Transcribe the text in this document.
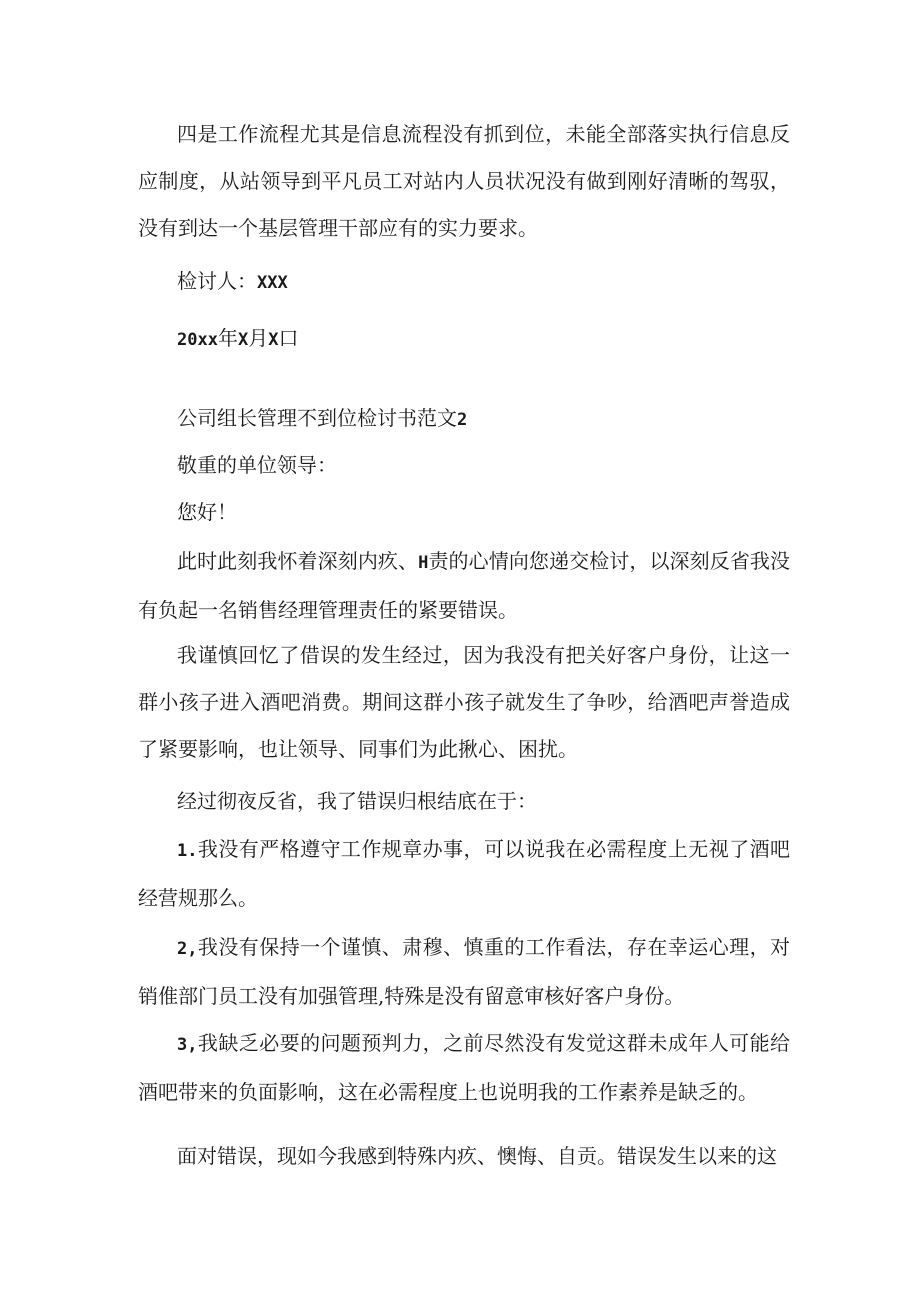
四是工作流程尤其是信息流程没有抓到位，未能全部落实执行信息反应制度，从站领导到平凡员工对站内人员状况没有做到刚好清晰的驾驭，没有到达一个基层管理干部应有的实力要求。

检讨人：XXX

20xx年X月X口

公司组长管理不到位检讨书范文2

敬重的单位领导：

您好！

此时此刻我怀着深刻内疚、H责的心情向您递交检讨，以深刻反省我没有负起一名销售经理管理责任的紧要错误。

我谨慎回忆了借误的发生经过，因为我没有把关好客户身份，让这一群小孩子进入酒吧消费。期间这群小孩子就发生了争吵，给酒吧声誉造成了紧要影响，也让领导、同事们为此揪心、困扰。

经过彻夜反省，我了错误归根结底在于：

1.我没有严格遵守工作规章办事，可以说我在必需程度上无视了酒吧经营规那么。

2,我没有保持一个谨慎、肃穆、慎重的工作看法，存在幸运心理，对销倠部门员工没有加强管理,特殊是没有留意审核好客户身份。

3,我缺乏必要的问题预判力，之前尽然没有发觉这群未成年人可能给酒吧带来的负面影响，这在必需程度上也说明我的工作素养是缺乏的。

面对错误，现如今我感到特殊内疚、懊悔、自贡。错误发生以来的这
